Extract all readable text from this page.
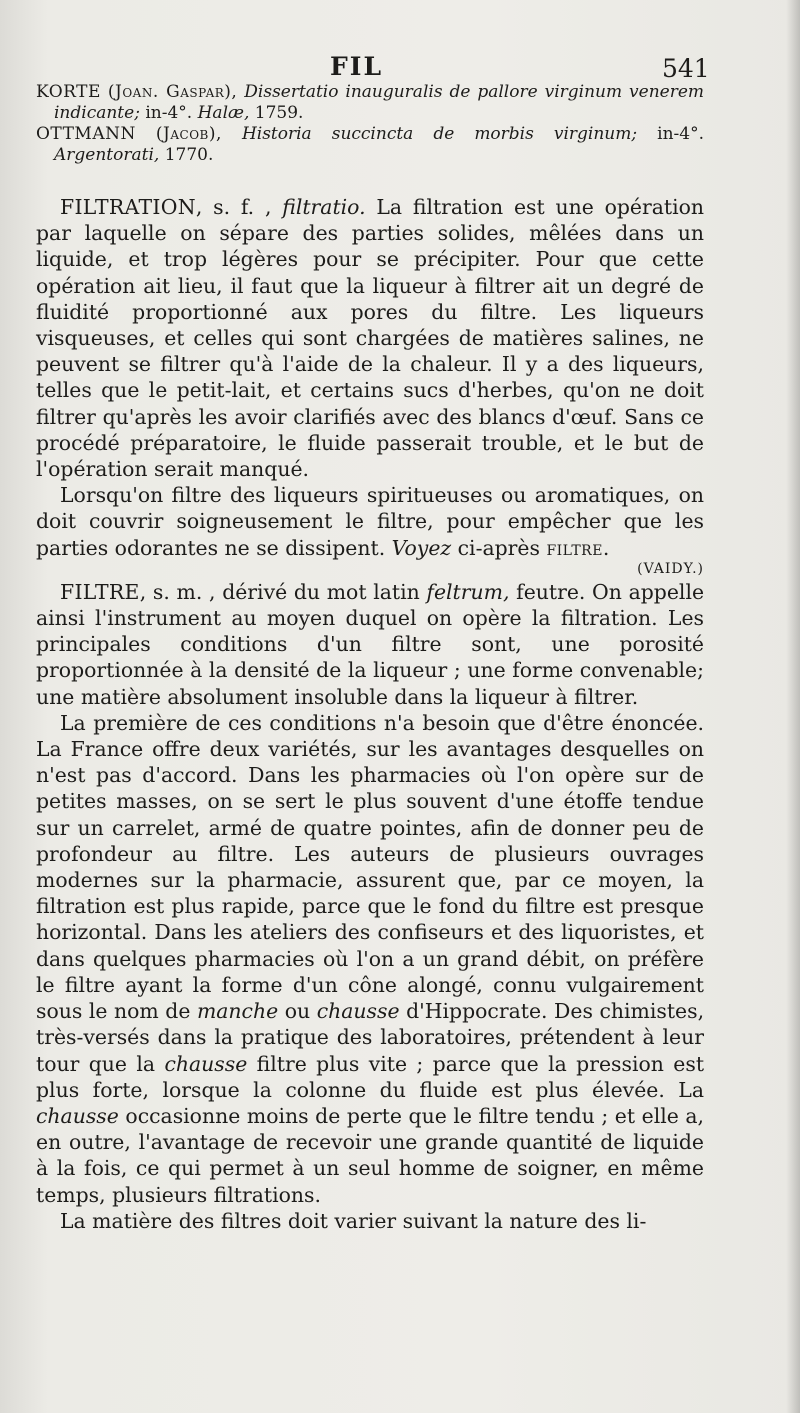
FIL	541

KORTE (Joan. Gaspar), Dissertatio inauguralis de pallore virginum venerem indicante; in-4°. Halæ, 1759.

OTTMANN (Jacob), Historia succincta de morbis virginum; in-4°. Argentorati, 1770.

FILTRATION, s. f. , filtratio. La filtration est une opération par laquelle on sépare des parties solides, mêlées dans un liquide, et trop légères pour se précipiter. Pour que cette opération ait lieu, il faut que la liqueur à filtrer ait un degré de fluidité proportionné aux pores du filtre. Les liqueurs visqueuses, et celles qui sont chargées de matières salines, ne peuvent se filtrer qu'à l'aide de la chaleur. Il y a des liqueurs, telles que le petit-lait, et certains sucs d'herbes, qu'on ne doit filtrer qu'après les avoir clarifiés avec des blancs d'œuf. Sans ce procédé préparatoire, le fluide passerait trouble, et le but de l'opération serait manqué.

Lorsqu'on filtre des liqueurs spiritueuses ou aromatiques, on doit couvrir soigneusement le filtre, pour empêcher que les parties odorantes ne se dissipent. Voyez ci-après filtre.

(VAIDY.)

FILTRE, s. m. , dérivé du mot latin feltrum, feutre. On appelle ainsi l'instrument au moyen duquel on opère la filtration. Les principales conditions d'un filtre sont, une porosité proportionnée à la densité de la liqueur ; une forme convenable; une matière absolument insoluble dans la liqueur à filtrer.

La première de ces conditions n'a besoin que d'être énoncée. La France offre deux variétés, sur les avantages desquelles on n'est pas d'accord. Dans les pharmacies où l'on opère sur de petites masses, on se sert le plus souvent d'une étoffe tendue sur un carrelet, armé de quatre pointes, afin de donner peu de profondeur au filtre. Les auteurs de plusieurs ouvrages modernes sur la pharmacie, assurent que, par ce moyen, la filtration est plus rapide, parce que le fond du filtre est presque horizontal. Dans les ateliers des confiseurs et des liquoristes, et dans quelques pharmacies où l'on a un grand débit, on préfère le filtre ayant la forme d'un cône alongé, connu vulgairement sous le nom de manche ou chausse d'Hippocrate. Des chimistes, très-versés dans la pratique des laboratoires, prétendent à leur tour que la chausse filtre plus vite ; parce que la pression est plus forte, lorsque la colonne du fluide est plus élevée. La chausse occasionne moins de perte que le filtre tendu ; et elle a, en outre, l'avantage de recevoir une grande quantité de liquide à la fois, ce qui permet à un seul homme de soigner, en même temps, plusieurs filtrations.

La matière des filtres doit varier suivant la nature des li-
